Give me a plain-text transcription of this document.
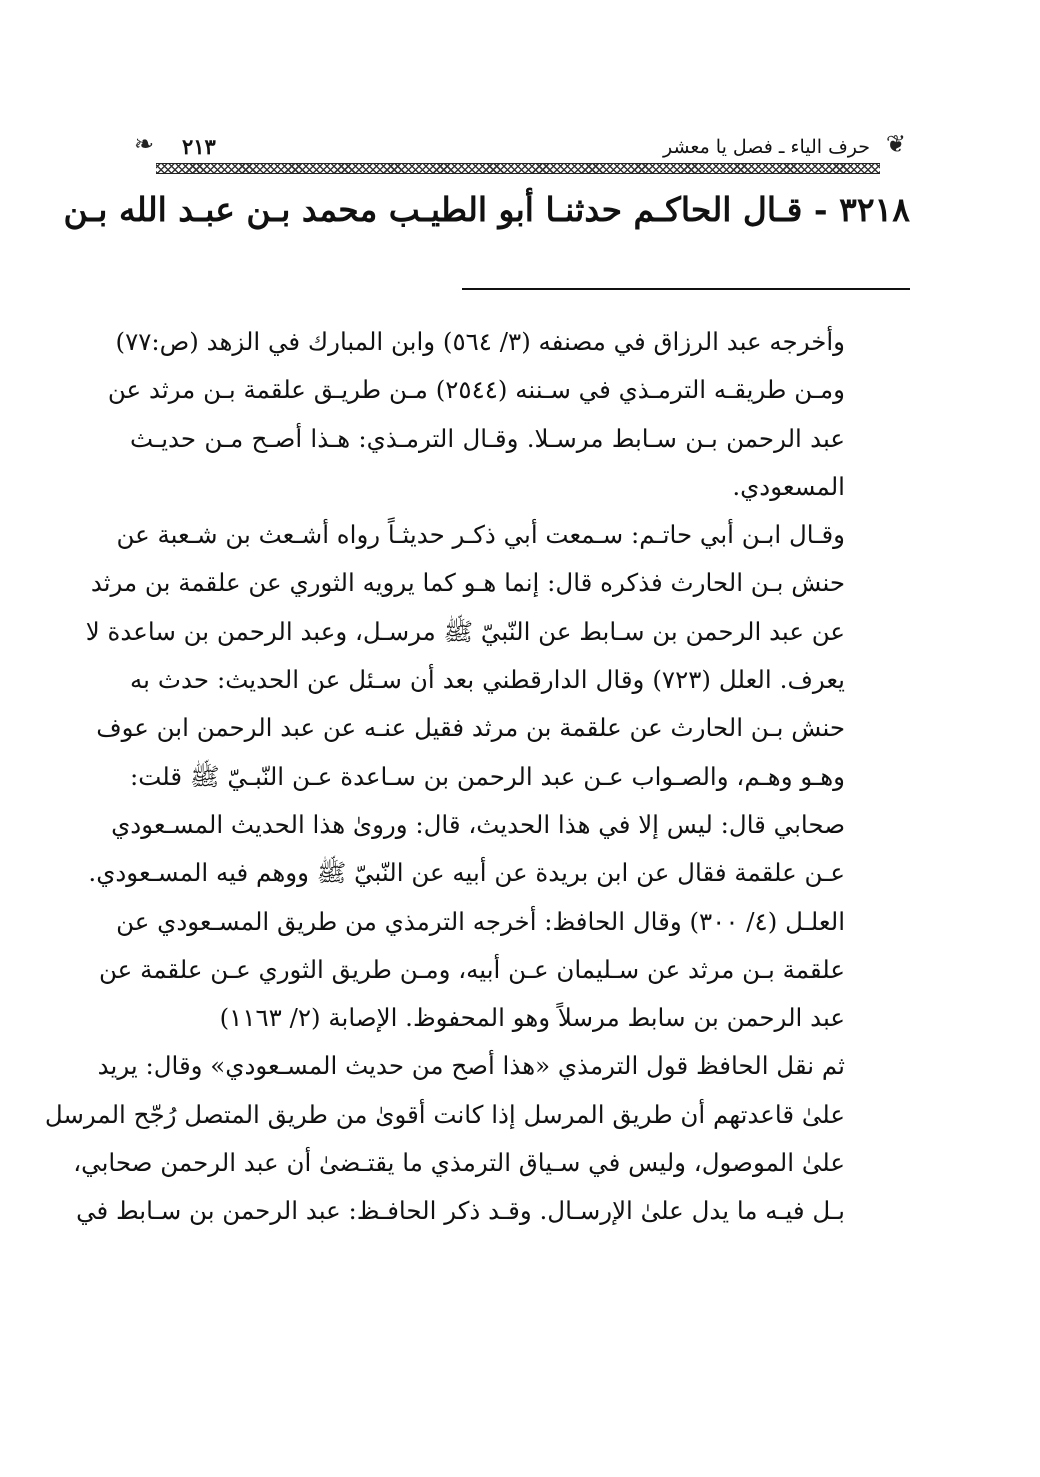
❦
حرف الياء ـ فصل يا معشر
٢١٣
❧
٣٢١٨ - قـال الحاكـم حدثنـا أبو الطيـب محمد بـن عبـد الله بـن
وأخرجه عبد الرزاق في مصنفه (٣/ ٥٦٤) وابن المبارك في الزهد (ص:٧٧)
ومـن طريقـه الترمـذي في سـننه (٢٥٤٤) مـن طريـق علقمة بـن مرثد عن
عبد الرحمن بـن سـابط مرسـلا. وقـال الترمـذي: هـذا أصـح مـن حديـث
المسعودي.
وقـال ابـن أبي حاتـم: سـمعت أبي ذكـر حديثـاً رواه أشـعث بن شـعبة عن
حنش بـن الحارث فذكره قال: إنما هـو كما يرويه الثوري عن علقمة بن مرثد
عن عبد الرحمن بن سـابط عن النّبيّ ﷺ مرسـل، وعبد الرحمن بن ساعدة لا
يعرف. العلل (٧٢٣) وقال الدارقطني بعد أن سـئل عن الحديث: حدث به
حنش بـن الحارث عن علقمة بن مرثد فقيل عنـه عن عبد الرحمن ابن عوف
وهـو وهـم، والصـواب عـن عبد الرحمن بن سـاعدة عـن النّبـيّ ﷺ قلت:
صحابي قال: ليس إلا في هذا الحديث، قال: وروىٰ هذا الحديث المسـعودي
عـن علقمة فقال عن ابن بريدة عن أبيه عن النّبيّ ﷺ ووهم فيه المسـعودي.
العلـل (٤/ ٣٠٠) وقال الحافظ: أخرجه الترمذي من طريق المسـعودي عن
علقمة بـن مرثد عن سـليمان عـن أبيه، ومـن طريق الثوري عـن علقمة عن
عبد الرحمن بن سابط مرسلاً وهو المحفوظ. الإصابة (٢/ ١١٦٣)
ثم نقل الحافظ قول الترمذي «هذا أصح من حديث المسـعودي» وقال: يريد
علىٰ قاعدتهم أن طريق المرسل إذا كانت أقوىٰ من طريق المتصل رُجّح المرسل
علىٰ الموصول، وليس في سـياق الترمذي ما يقتـضىٰ أن عبد الرحمن صحابي،
بـل فيـه ما يدل علىٰ الإرسـال. وقـد ذكر الحافـظ: عبد الرحمن بن سـابط في
